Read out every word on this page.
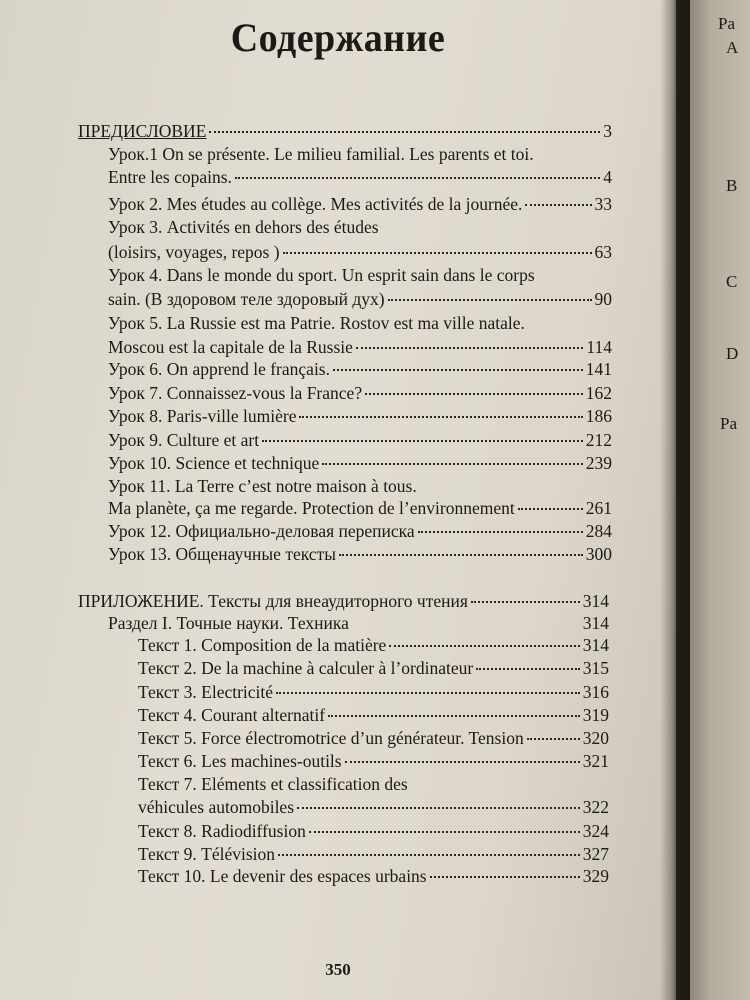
Содержание
ПРЕДИСЛОВИЕ	3
Урок.1 On se présente. Le milieu familial. Les parents et toi.
Entre les copains.	4
Урок 2. Mes études au collège. Mes activités de la journée.	33
Урок 3. Activités en dehors des études
(loisirs, voyages, repos )	63
Урок 4. Dans le monde du sport. Un esprit sain dans le corps
sain. (В здоровом теле здоровый дух)	90
Урок 5. La Russie est ma Patrie. Rostov est ma ville natale.
Moscou est la capitale de la Russie	114
Урок 6. On apprend le français.	141
Урок 7. Connaissez-vous la France?	162
Урок 8. Paris-ville lumière	186
Урок 9. Culture et art	212
Урок 10. Science et technique	239
Урок 11. La Terre c’est notre maison à tous.
Ma planète, ça me regarde. Protection de l’environnement	261
Урок 12. Официально-деловая переписка	284
Урок 13. Общенаучные тексты	300
ПРИЛОЖЕНИЕ. Тексты для внеаудиторного чтения	314
Раздел I. Точные науки. Техника	314
Текст 1. Composition de la matière	314
Текст 2. De la machine à calculer à l’ordinateur	315
Текст 3. Electricité	316
Текст 4. Courant alternatif	319
Текст 5. Force électromotrice d’un générateur. Tension	320
Текст 6. Les machines-outils	321
Текст 7. Eléments et classification des
véhicules automobiles	322
Текст 8. Radiodiffusion	324
Текст 9. Télévision	327
Текст 10. Le devenir des espaces urbains	329
350
Pa
A
B
C
D
Pa
